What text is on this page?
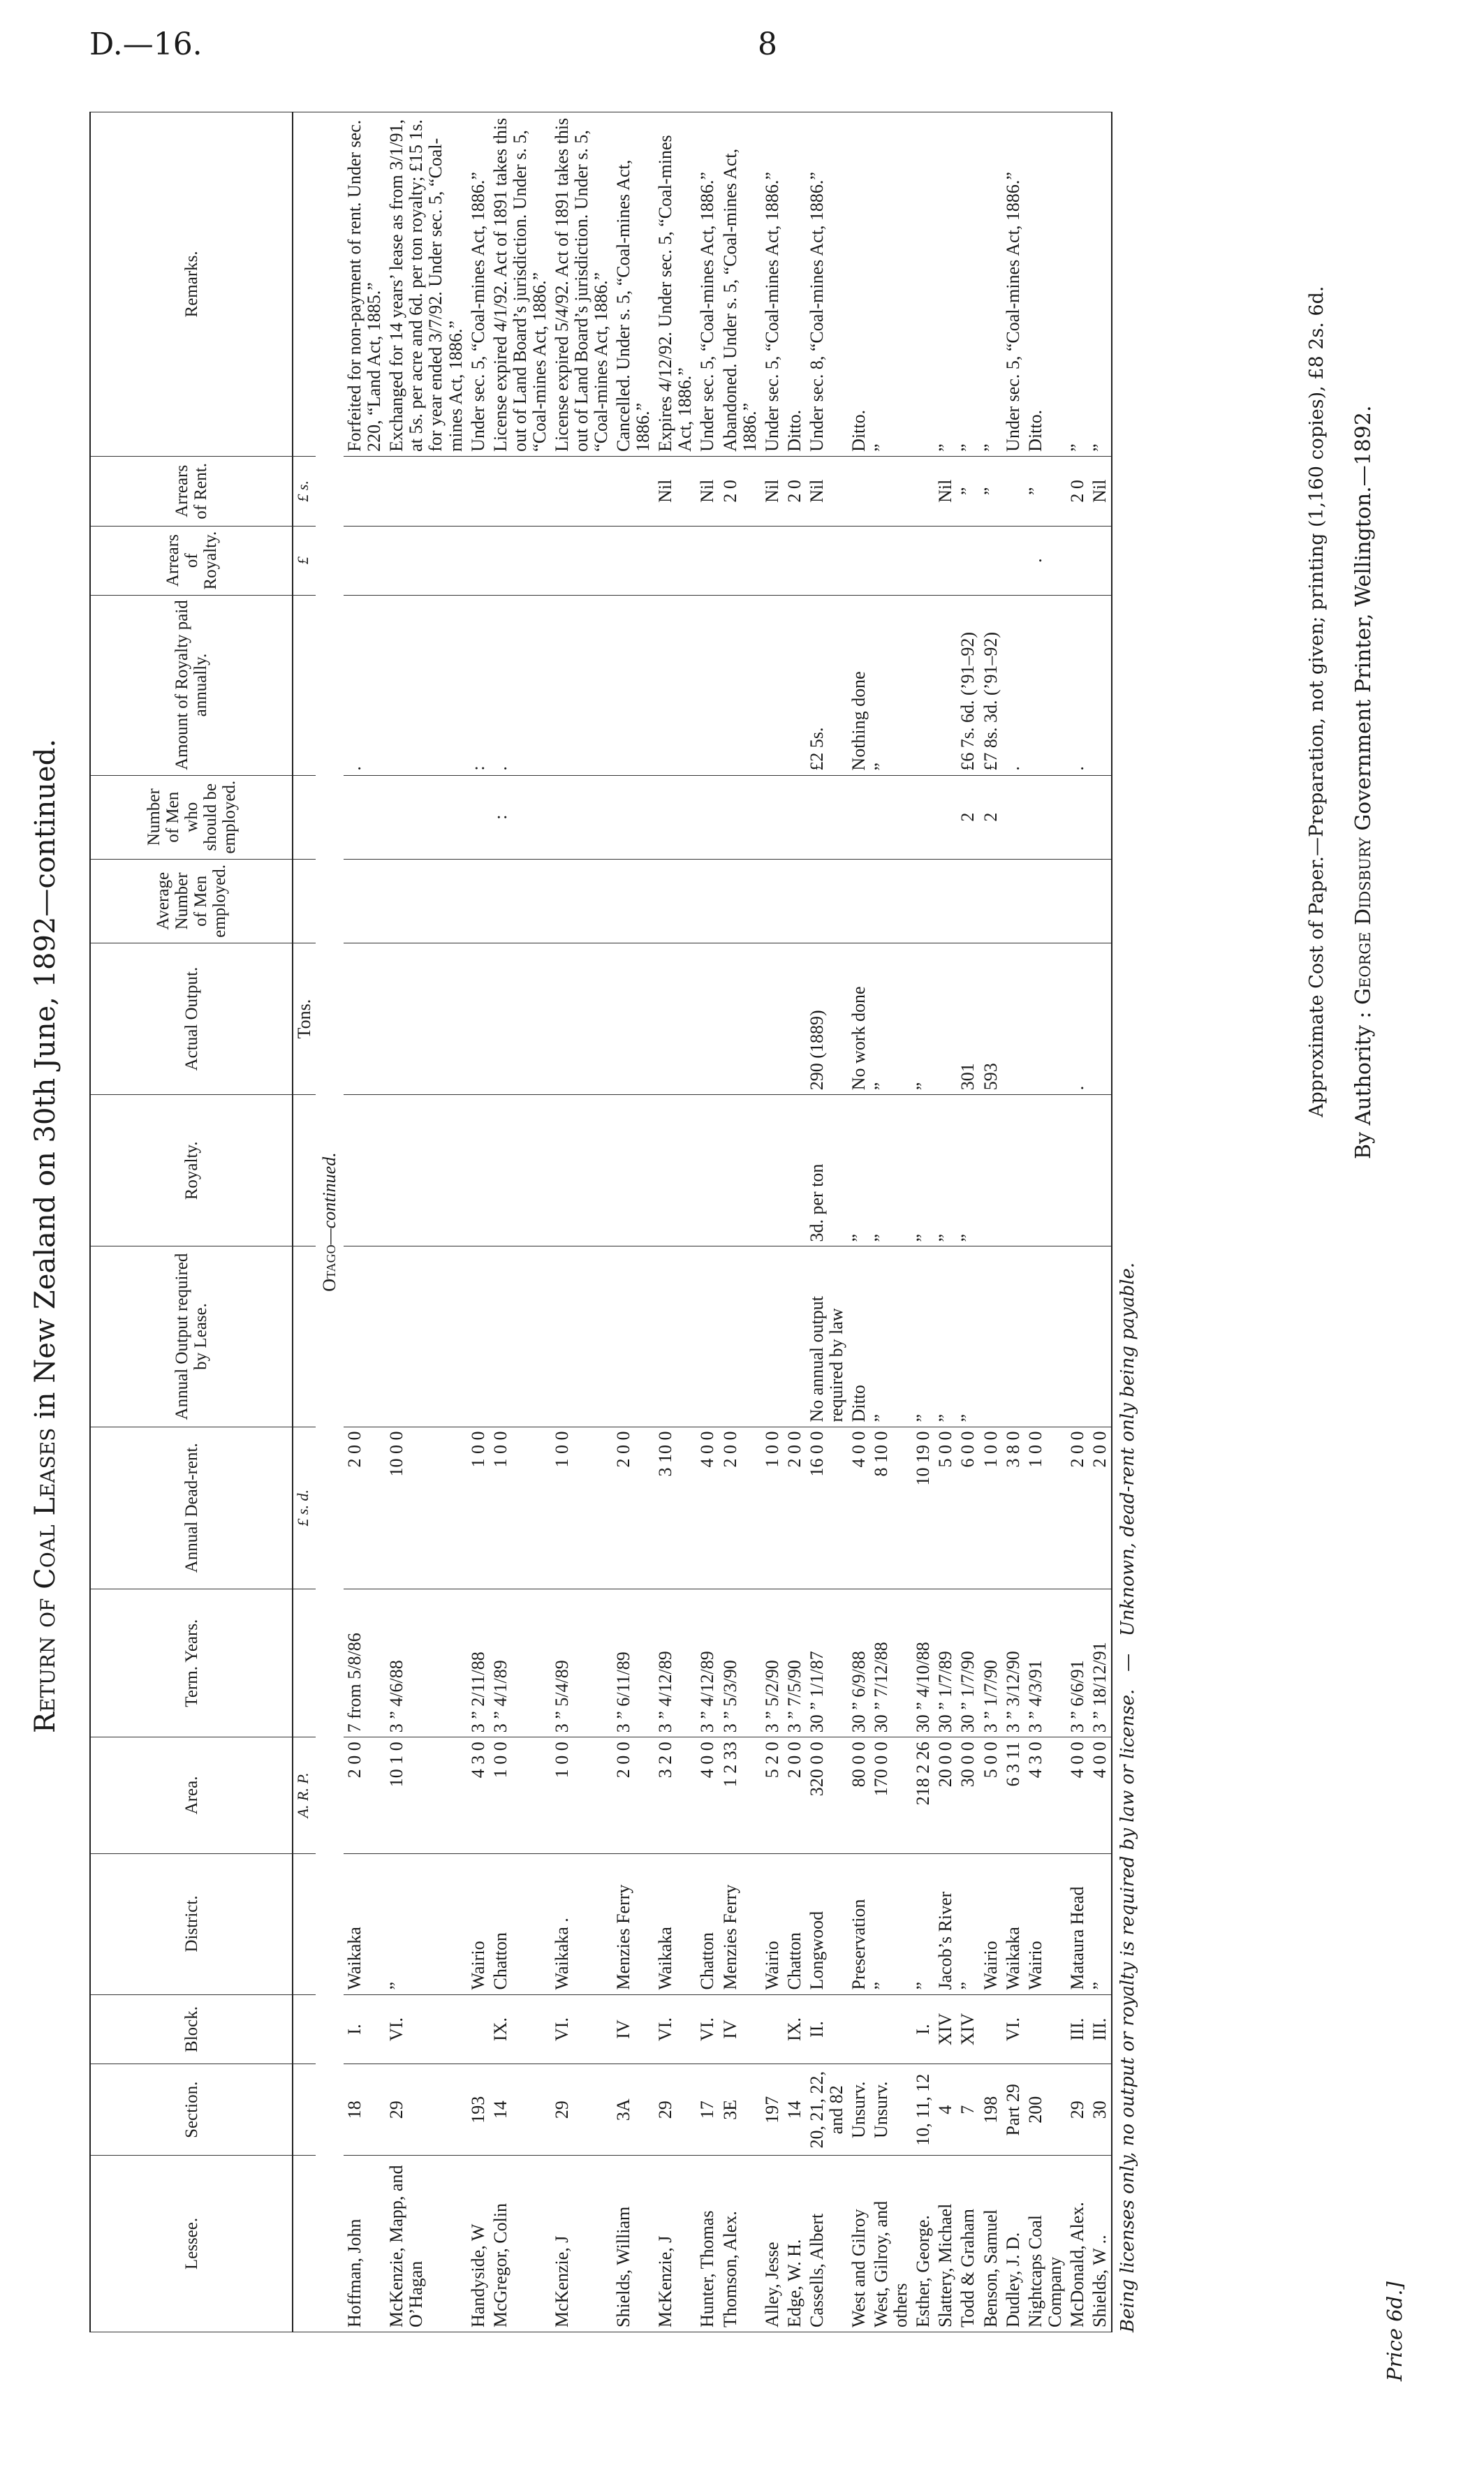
D.—16.	8
Return of Coal Leases in New Zealand on 30th June, 1892—continued.
Lessee.	Section.	Block.	District.	Area.	Term. Years.	Annual Dead-rent.	Annual Output required by Lease.	Royalty.	Actual Output.	Average Number of Men employed.	Number of Men who should be employed.	Amount of Royalty paid annually.	Arrears of Royalty.	Arrears of Rent.	Remarks.
				A. R. P.		£ s. d.			Tons.				£	£ s.	
Otago—continued.															
Hoffman, John	18	I.	Waikaka	2 0 0	7 from 5/8/86	2 0 0						.			Forfeited for non-payment of rent. Under sec. 220, “Land Act, 1885.”
McKenzie, Mapp, and O’Hagan	29	VI.	”	10 1 0	3 ” 4/6/88	10 0 0									Exchanged for 14 years’ lease as from 3/1/91, at 5s. per acre and 6d. per ton royalty; £15 1s. for year ended 3/7/92. Under sec. 5, “Coal-mines Act, 1886.”
Handyside, W	193		Wairio	4 3 0	3 ” 2/11/88	1 0 0						:			Under sec. 5, “Coal-mines Act, 1886.”
McGregor, Colin	14	IX.	Chatton	1 0 0	3 ” 4/1/89	1 0 0					:	.			License expired 4/1/92. Act of 1891 takes this out of Land Board’s jurisdiction. Under s. 5, “Coal-mines Act, 1886.”
McKenzie, J	29	VI.	Waikaka .	1 0 0	3 ” 5/4/89	1 0 0									License expired 5/4/92. Act of 1891 takes this out of Land Board’s jurisdiction. Under s. 5, “Coal-mines Act, 1886.”
Shields, William	3A	IV	Menzies Ferry	2 0 0	3 ” 6/11/89	2 0 0									Cancelled. Under s. 5, “Coal-mines Act, 1886.”
McKenzie, J	29	VI.	Waikaka	3 2 0	3 ” 4/12/89	3 10 0								Nil	Expires 4/12/92. Under sec. 5, “Coal-mines Act, 1886.”
Hunter, Thomas	17	VI.	Chatton	4 0 0	3 ” 4/12/89	4 0 0								Nil	Under sec. 5, “Coal-mines Act, 1886.”
Thomson, Alex.	3E	IV	Menzies Ferry	1 2 33	3 ” 5/3/90	2 0 0								2 0	Abandoned. Under s. 5, “Coal-mines Act, 1886.”
Alley, Jesse	197		Wairio	5 2 0	3 ” 5/2/90	1 0 0								Nil	Under sec. 5, “Coal-mines Act, 1886.”
Edge, W. H.	14	IX.	Chatton	2 0 0	3 ” 7/5/90	2 0 0								2 0	Ditto.
Cassells, Albert	20, 21, 22, and 82	II.	Longwood	320 0 0	30 ” 1/1/87	16 0 0	No annual output required by law	3d. per ton	290 (1889)			£2 5s.		Nil	Under sec. 8, “Coal-mines Act, 1886.”
West and Gilroy	Unsurv.		Preservation	80 0 0	30 ” 6/9/88	4 0 0	Ditto	”	No work done			Nothing done			Ditto.
West, Gilroy, and others	Unsurv.		”	170 0 0	30 ” 7/12/88	8 10 0	”	”	”			”			”
Esther, George.	10, 11, 12	I.	”	218 2 26	30 ” 4/10/88	10 19 0	”	”	”						
Slattery, Michael	4	XIV	Jacob’s River	20 0 0	30 ” 1/7/89	5 0 0	”	”						Nil	”
Todd & Graham	7	XIV	”	30 0 0	30 ” 1/7/90	6 0 0	”	”	301		2	£6 7s. 6d. (’91–92)		”	”
Benson, Samuel	198		Wairio	5 0 0	3 ” 1/7/90	1 0 0			593		2	£7 8s. 3d. (’91–92)		”	”
Dudley, J. D.	Part 29	VI.	Waikaka	6 3 11	3 ” 3/12/90	3 8 0						.			Under sec. 5, “Coal-mines Act, 1886.”
Nightcaps Coal Company	200		Wairio	4 3 0	3 ” 4/3/91	1 0 0							.	”	Ditto.
McDonald, Alex.	29	III.	Mataura Head	4 0 0	3 ” 6/6/91	2 0 0			.			.		2 0	”
Shields, W ..	30	III.	”	4 0 0	3 ” 18/12/91	2 0 0								Nil	”
Being licenses only, no output or royalty is required by law or license.   —   Unknown, dead-rent only being payable.
Approximate Cost of Paper.—Preparation, not given; printing (1,160 copies), £8 2s. 6d. By Authority : George Didsbury Government Printer, Wellington.—1892.
Price 6d.]
